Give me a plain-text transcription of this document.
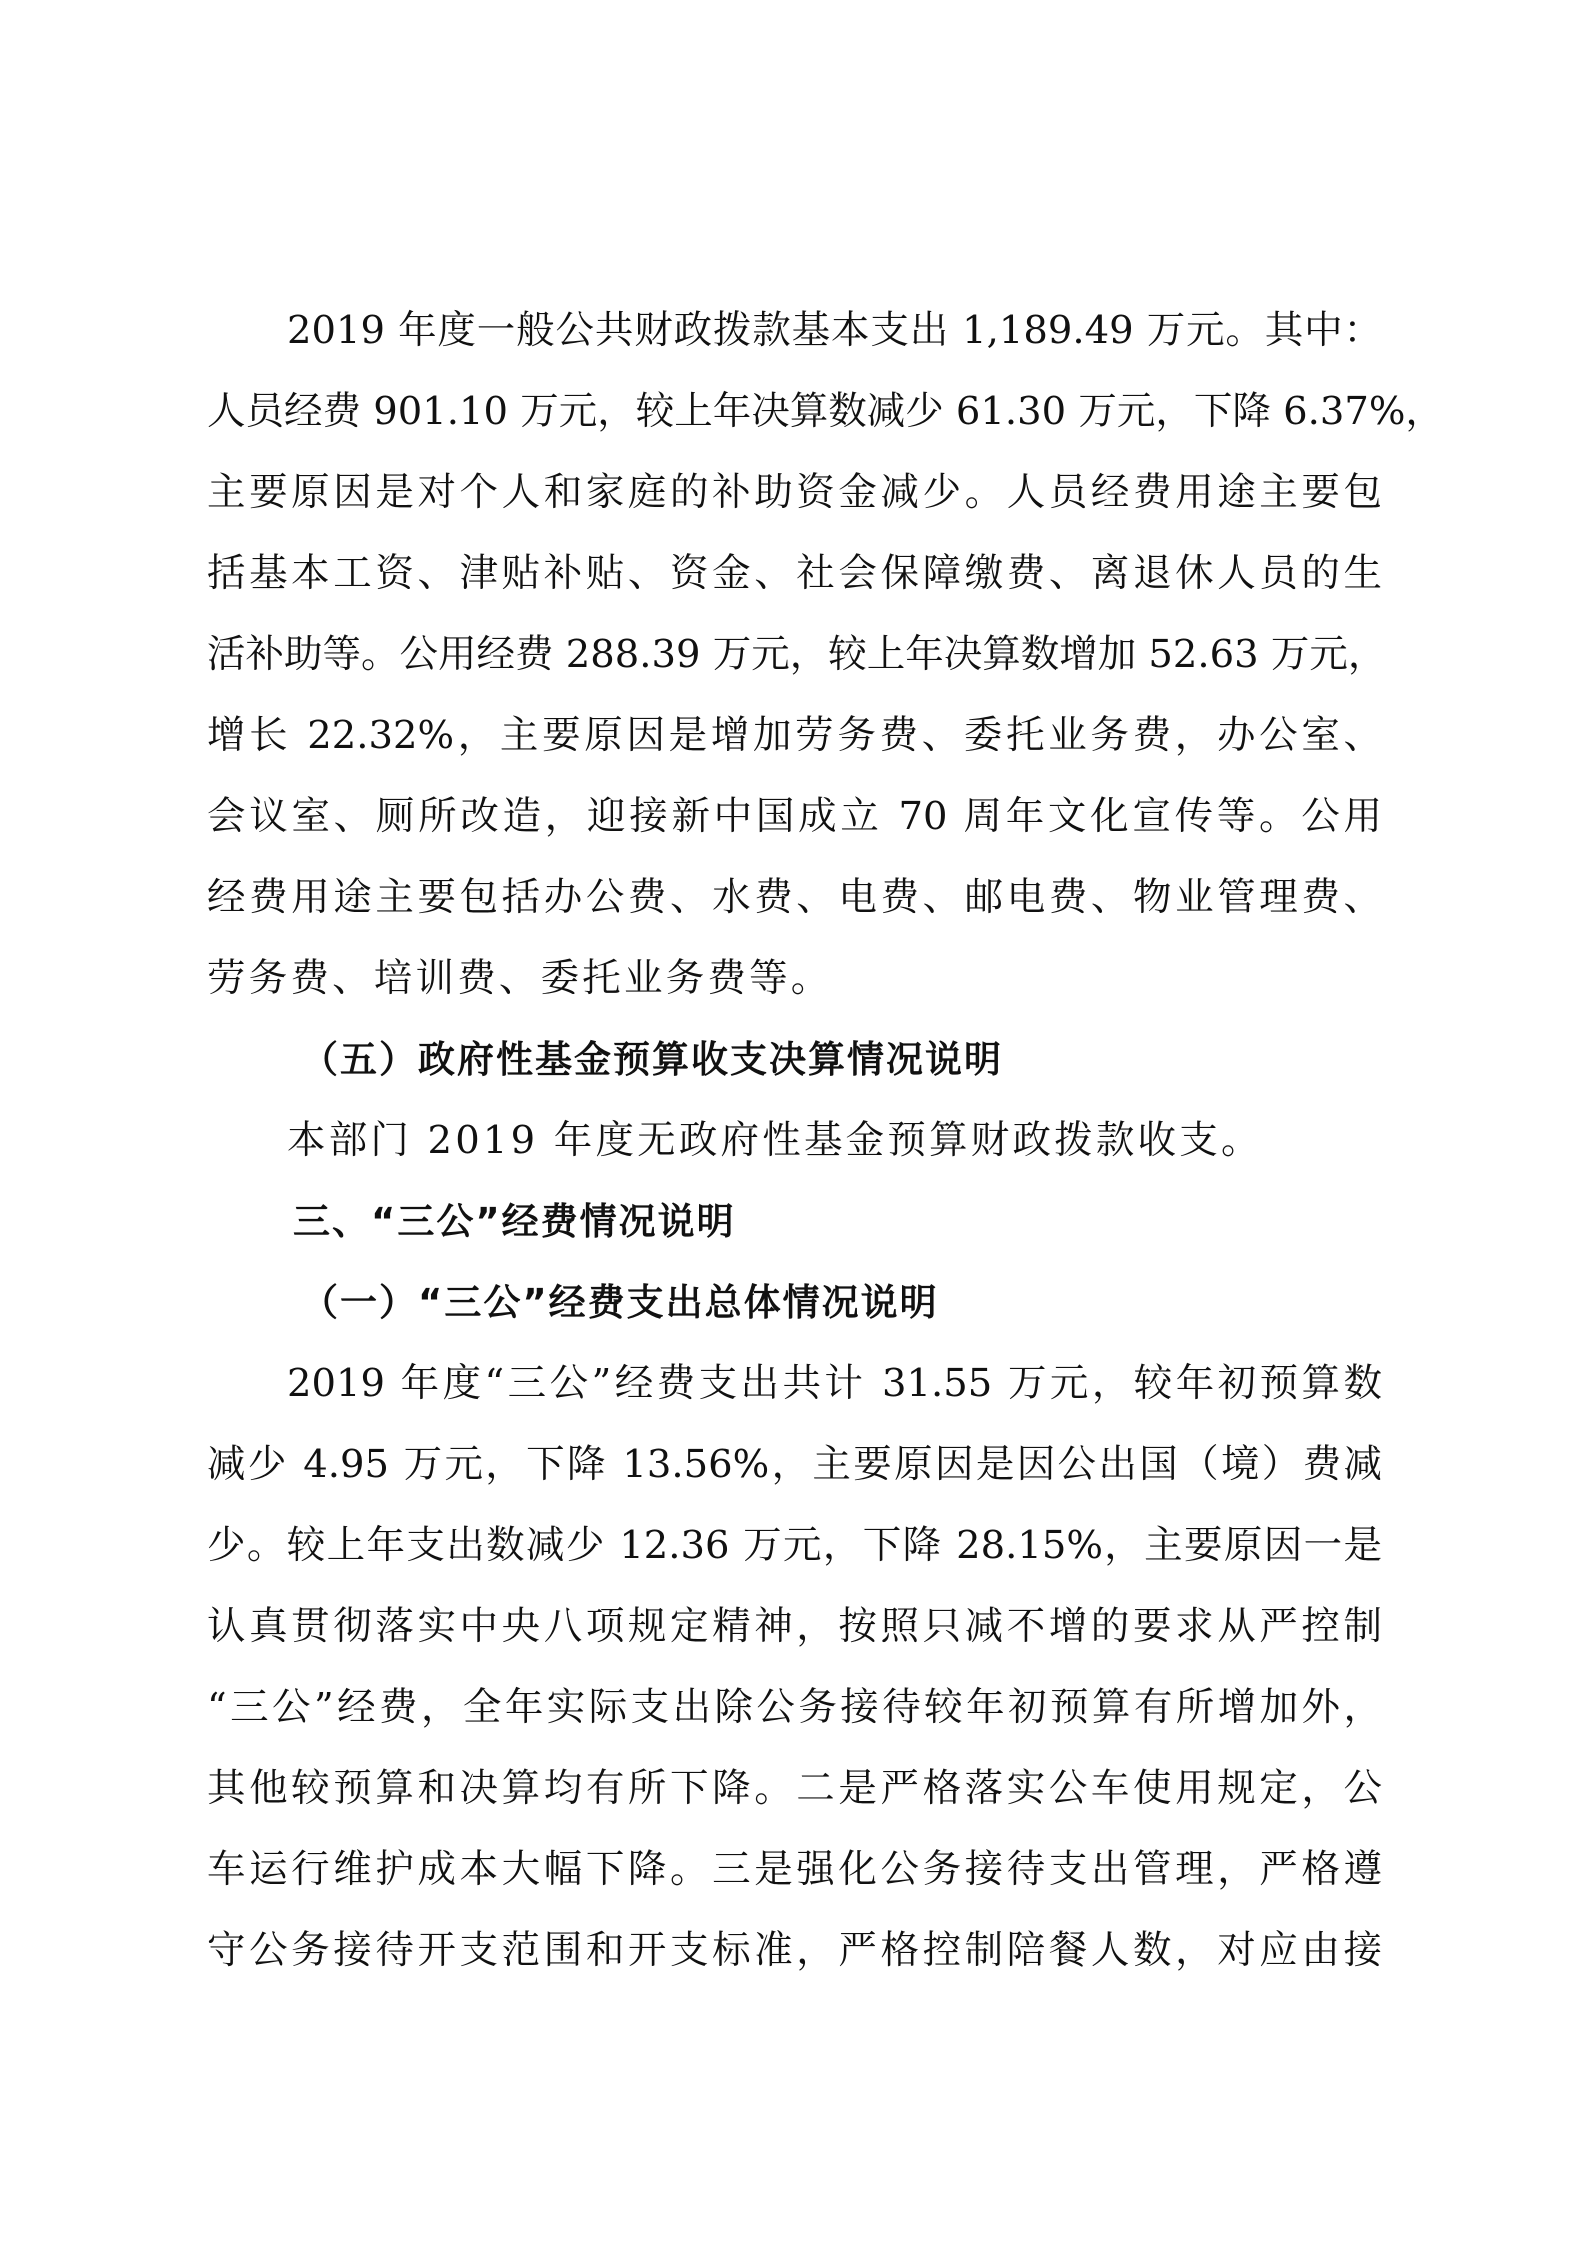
2019 年度一般公共财政拨款基本支出 1,189.49 万元。其中：
人员经费 901.10 万元，较上年决算数减少 61.30 万元，下降 6.37%，
主要原因是对个人和家庭的补助资金减少。人员经费用途主要包
括基本工资、津贴补贴、资金、社会保障缴费、离退休人员的生
活补助等。公用经费 288.39 万元，较上年决算数增加 52.63 万元，
增长 22.32%，主要原因是增加劳务费、委托业务费，办公室、
会议室、厕所改造，迎接新中国成立 70 周年文化宣传等。公用
经费用途主要包括办公费、水费、电费、邮电费、物业管理费、
劳务费、培训费、委托业务费等。
（五）政府性基金预算收支决算情况说明
本部门 2019 年度无政府性基金预算财政拨款收支。
三、“三公”经费情况说明
（一）“三公”经费支出总体情况说明
2019 年度“三公”经费支出共计 31.55 万元，较年初预算数
减少 4.95 万元，下降 13.56%，主要原因是因公出国（境）费减
少。较上年支出数减少 12.36 万元，下降 28.15%，主要原因一是
认真贯彻落实中央八项规定精神，按照只减不增的要求从严控制
“三公”经费，全年实际支出除公务接待较年初预算有所增加外，
其他较预算和决算均有所下降。二是严格落实公车使用规定，公
车运行维护成本大幅下降。三是强化公务接待支出管理，严格遵
守公务接待开支范围和开支标准，严格控制陪餐人数，对应由接
